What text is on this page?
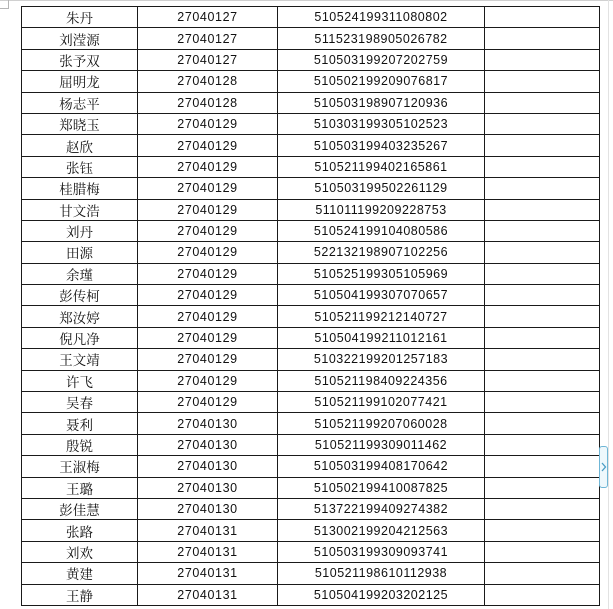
朱丹	27040127	510524199311080802	
刘滢源	27040127	511523198905026782	
张予双	27040127	510503199207202759	
屈明龙	27040128	510502199209076817	
杨志平	27040128	510503198907120936	
郑晓玉	27040129	510303199305102523	
赵欣	27040129	510503199403235267	
张钰	27040129	510521199402165861	
桂腊梅	27040129	510503199502261129	
甘文浩	27040129	511011199209228753	
刘丹	27040129	510524199104080586	
田源	27040129	522132198907102256	
余瑾	27040129	510525199305105969	
彭传柯	27040129	510504199307070657	
郑汝婷	27040129	510521199212140727	
倪凡净	27040129	510504199211012161	
王文靖	27040129	510322199201257183	
许飞	27040129	510521198409224356	
吴春	27040129	510521199102077421	
聂利	27040130	510521199207060028	
殷锐	27040130	510521199309011462	
王淑梅	27040130	510503199408170642	
王璐	27040130	510502199410087825	
彭佳慧	27040130	513722199409274382	
张路	27040131	513002199204212563	
刘欢	27040131	510503199309093741	
黄建	27040131	510521198610112938	
王静	27040131	510504199203202125	
